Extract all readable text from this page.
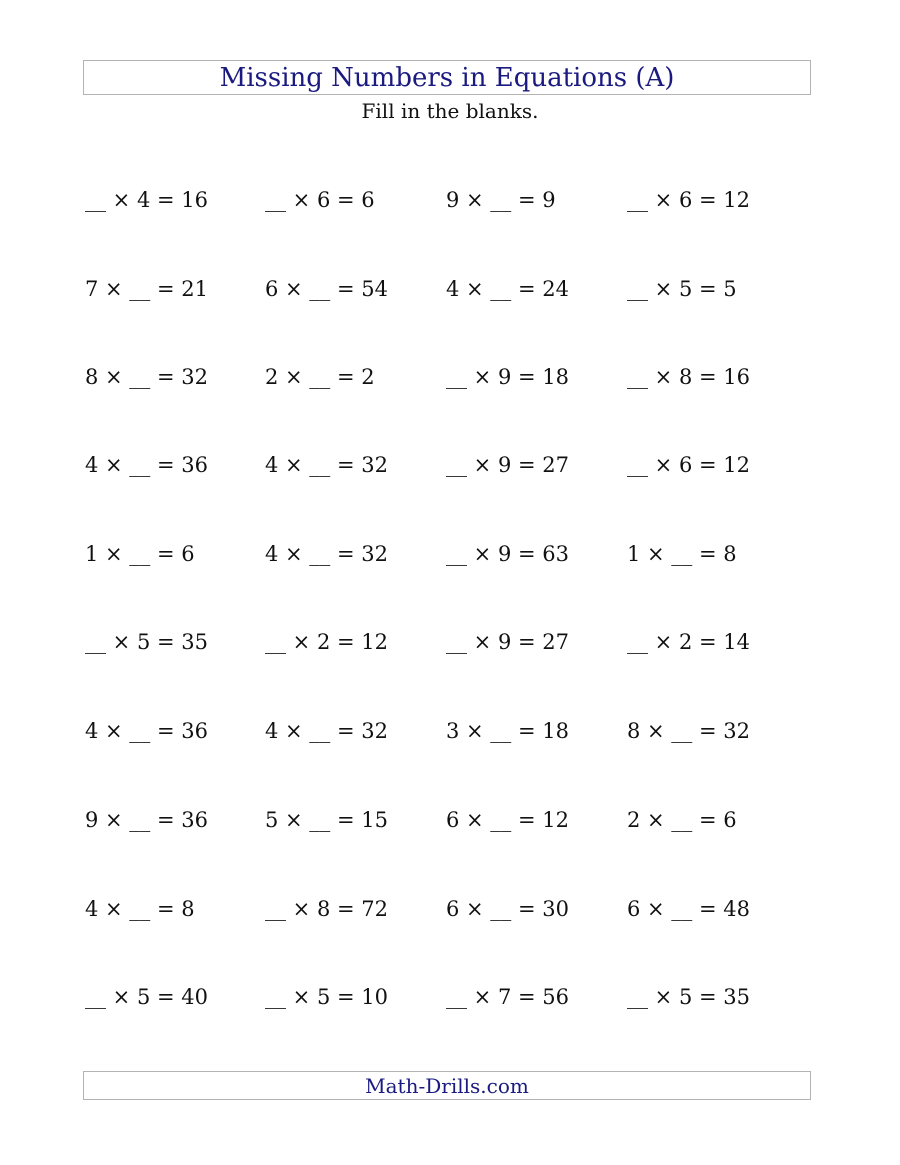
Missing Numbers in Equations (A)
Fill in the blanks.
__ × 4 = 16	__ × 6 = 6	9 × __ = 9	__ × 6 = 12
7 × __ = 21	6 × __ = 54	4 × __ = 24	__ × 5 = 5
8 × __ = 32	2 × __ = 2	__ × 9 = 18	__ × 8 = 16
4 × __ = 36	4 × __ = 32	__ × 9 = 27	__ × 6 = 12
1 × __ = 6	4 × __ = 32	__ × 9 = 63	1 × __ = 8
__ × 5 = 35	__ × 2 = 12	__ × 9 = 27	__ × 2 = 14
4 × __ = 36	4 × __ = 32	3 × __ = 18	8 × __ = 32
9 × __ = 36	5 × __ = 15	6 × __ = 12	2 × __ = 6
4 × __ = 8	__ × 8 = 72	6 × __ = 30	6 × __ = 48
__ × 5 = 40	__ × 5 = 10	__ × 7 = 56	__ × 5 = 35
Math-Drills.com
